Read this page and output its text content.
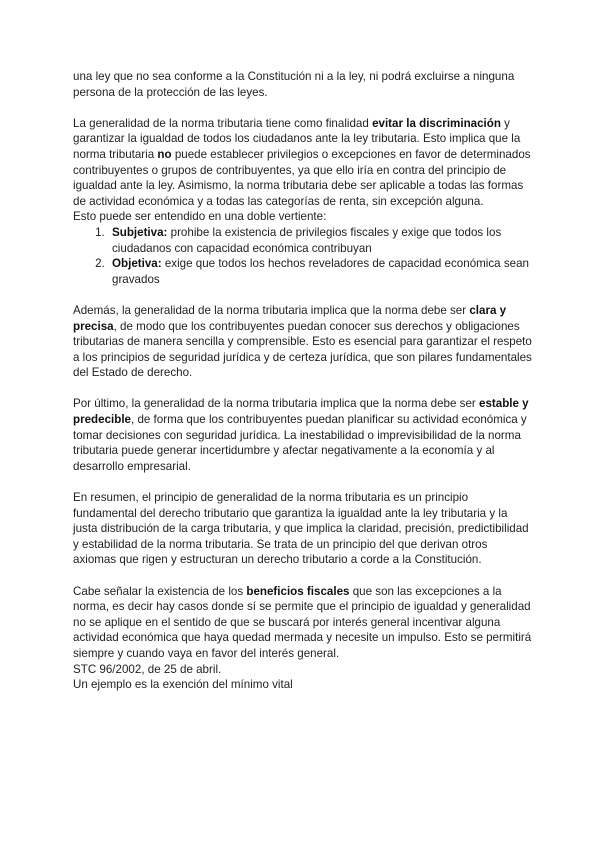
una ley que no sea conforme a la Constitución ni a la ley, ni podrá excluirse a ninguna persona de la protección de las leyes.

La generalidad de la norma tributaria tiene como finalidad evitar la discriminación y garantizar la igualdad de todos los ciudadanos ante la ley tributaria. Esto implica que la norma tributaria no puede establecer privilegios o excepciones en favor de determinados contribuyentes o grupos de contribuyentes, ya que ello iría en contra del principio de igualdad ante la ley. Asimismo, la norma tributaria debe ser aplicable a todas las formas de actividad económica y a todas las categorías de renta, sin excepción alguna.

Esto puede ser entendido en una doble vertiente:

1. Subjetiva: prohibe la existencia de privilegios fiscales y exige que todos los ciudadanos con capacidad económica contribuyan
2. Objetiva: exige que todos los hechos reveladores de capacidad económica sean gravados

Además, la generalidad de la norma tributaria implica que la norma debe ser clara y precisa, de modo que los contribuyentes puedan conocer sus derechos y obligaciones tributarias de manera sencilla y comprensible. Esto es esencial para garantizar el respeto a los principios de seguridad jurídica y de certeza jurídica, que son pilares fundamentales del Estado de derecho.

Por último, la generalidad de la norma tributaria implica que la norma debe ser estable y predecible, de forma que los contribuyentes puedan planificar su actividad económica y tomar decisiones con seguridad jurídica. La inestabilidad o imprevisibilidad de la norma tributaria puede generar incertidumbre y afectar negativamente a la economía y al desarrollo empresarial.

En resumen, el principio de generalidad de la norma tributaria es un principio fundamental del derecho tributario que garantiza la igualdad ante la ley tributaria y la justa distribución de la carga tributaria, y que implica la claridad, precisión, predictibilidad y estabilidad de la norma tributaria. Se trata de un principio del que derivan otros axiomas que rigen y estructuran un derecho tributario a corde a la Constitución.

Cabe señalar la existencia de los beneficios fiscales que son las excepciones a la norma, es decir hay casos donde sí se permite que el principio de igualdad y generalidad no se aplique en el sentido de que se buscará por interés general incentivar alguna actividad económica que haya quedad mermada y necesite un impulso. Esto se permitirá siempre y cuando vaya en favor del interés general.

STC 96/2002, de 25 de abril.

Un ejemplo es la exención del mínimo vital
